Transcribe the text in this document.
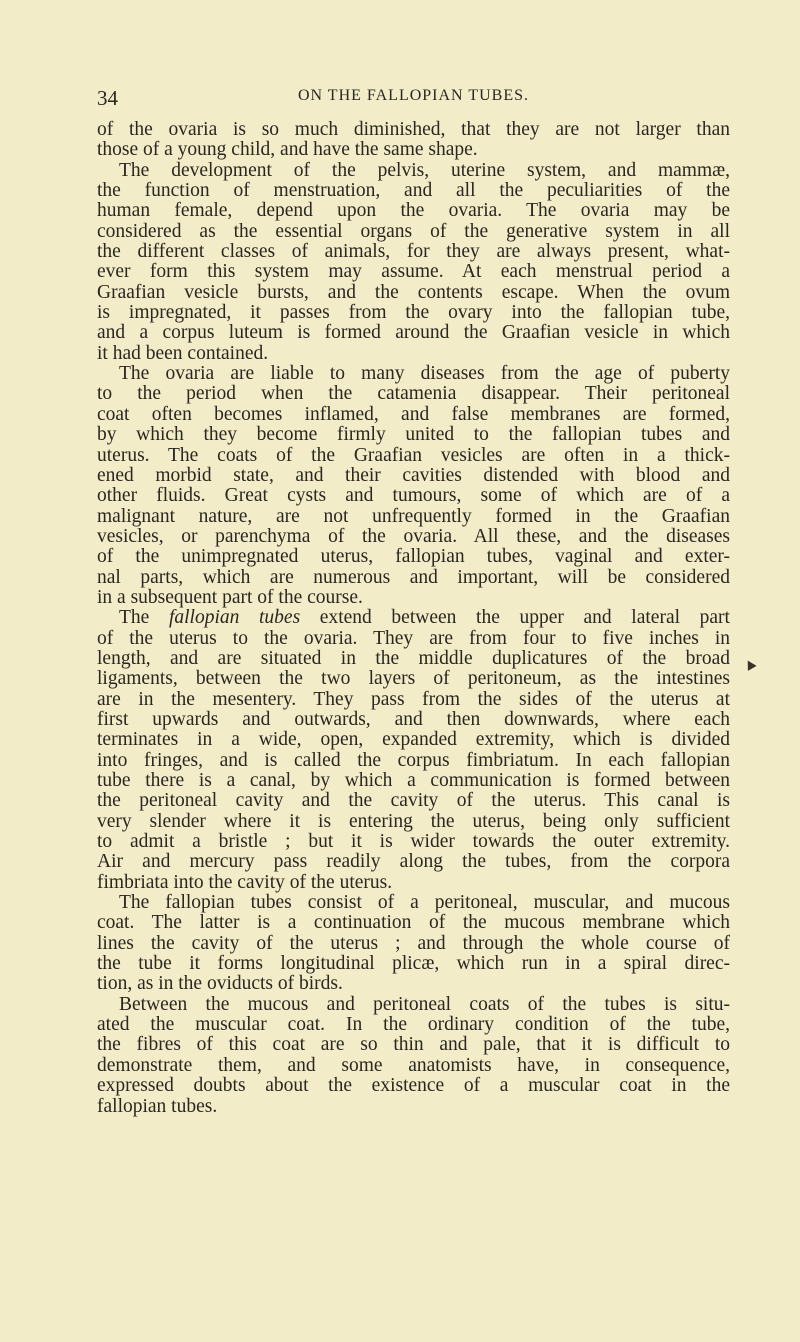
34	ON THE FALLOPIAN TUBES.
of the ovaria is so much diminished, that they are not larger than
those of a young child, and have the same shape.
The development of the pelvis, uterine system, and mammæ,
the function of menstruation, and all the peculiarities of the
human female, depend upon the ovaria. The ovaria may be
considered as the essential organs of the generative system in all
the different classes of animals, for they are always present, what-
ever form this system may assume. At each menstrual period a
Graafian vesicle bursts, and the contents escape. When the ovum
is impregnated, it passes from the ovary into the fallopian tube,
and a corpus luteum is formed around the Graafian vesicle in which
it had been contained.
The ovaria are liable to many diseases from the age of puberty
to the period when the catamenia disappear. Their peritoneal
coat often becomes inflamed, and false membranes are formed,
by which they become firmly united to the fallopian tubes and
uterus. The coats of the Graafian vesicles are often in a thick-
ened morbid state, and their cavities distended with blood and
other fluids. Great cysts and tumours, some of which are of a
malignant nature, are not unfrequently formed in the Graafian
vesicles, or parenchyma of the ovaria. All these, and the diseases
of the unimpregnated uterus, fallopian tubes, vaginal and exter-
nal parts, which are numerous and important, will be considered
in a subsequent part of the course.
The fallopian tubes extend between the upper and lateral part
of the uterus to the ovaria. They are from four to five inches in
length, and are situated in the middle duplicatures of the broad
ligaments, between the two layers of peritoneum, as the intestines
are in the mesentery. They pass from the sides of the uterus at
first upwards and outwards, and then downwards, where each
terminates in a wide, open, expanded extremity, which is divided
into fringes, and is called the corpus fimbriatum. In each fallopian
tube there is a canal, by which a communication is formed between
the peritoneal cavity and the cavity of the uterus. This canal is
very slender where it is entering the uterus, being only sufficient
to admit a bristle ; but it is wider towards the outer extremity.
Air and mercury pass readily along the tubes, from the corpora
fimbriata into the cavity of the uterus.
The fallopian tubes consist of a peritoneal, muscular, and mucous
coat. The latter is a continuation of the mucous membrane which
lines the cavity of the uterus ; and through the whole course of
the tube it forms longitudinal plicæ, which run in a spiral direc-
tion, as in the oviducts of birds.
Between the mucous and peritoneal coats of the tubes is situ-
ated the muscular coat. In the ordinary condition of the tube,
the fibres of this coat are so thin and pale, that it is difficult to
demonstrate them, and some anatomists have, in consequence,
expressed doubts about the existence of a muscular coat in the
fallopian tubes.
